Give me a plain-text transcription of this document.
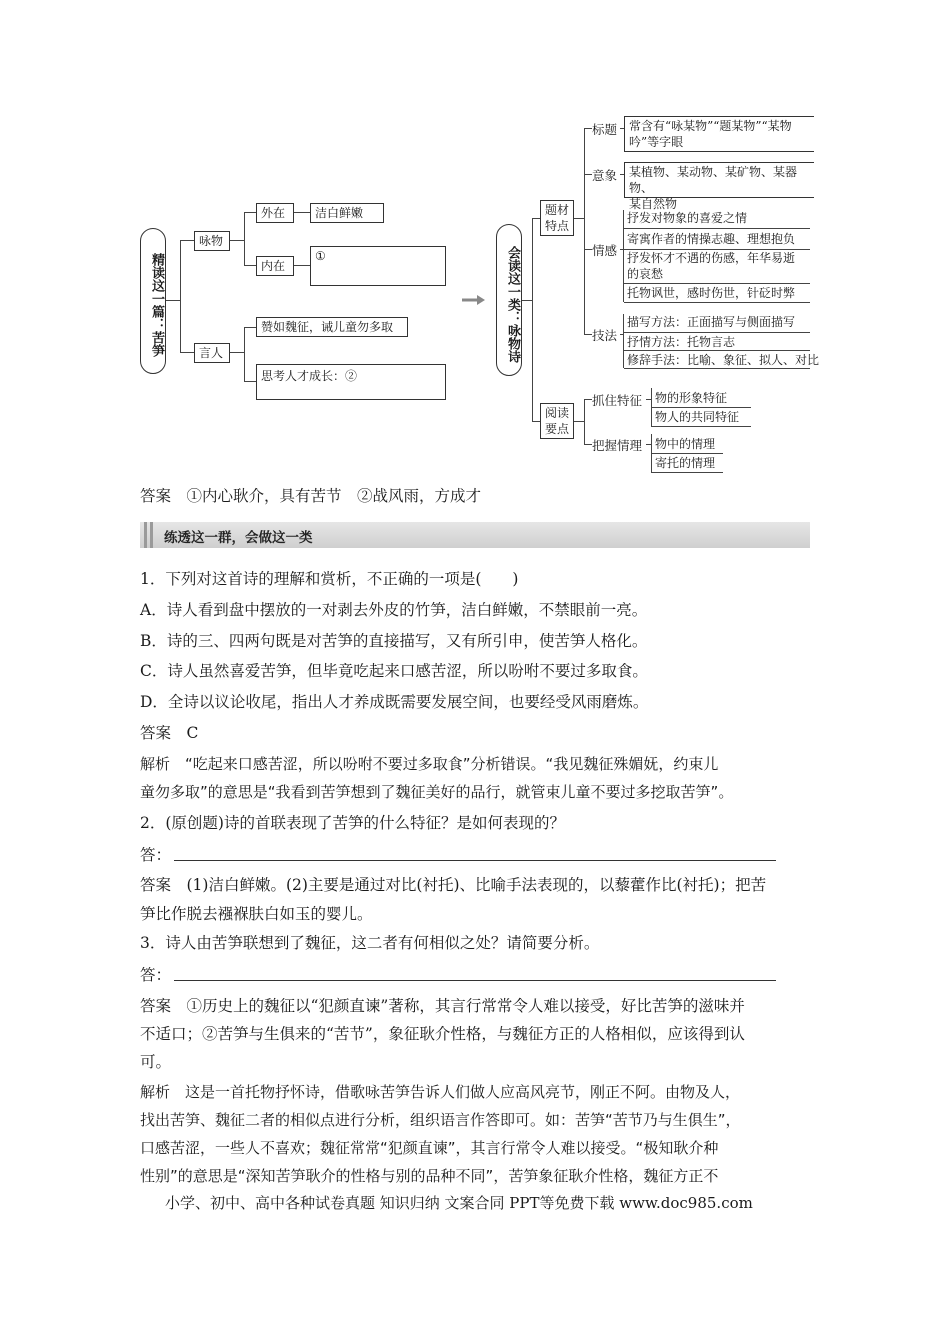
精读这一篇：苦笋
咏物
言人
外在	洁白鲜嫩
内在
①
赞如魏征，诫儿童勿多取
思考人才成长：②
会读这一类：咏物诗
题材特点
阅读要点
标题
意象
情感
技法
常含有“咏某物”“题某物”“某物
吟”等字眼
某植物、某动物、某矿物、某器物、
某自然物
抒发对物象的喜爱之情
寄寓作者的情操志趣、理想抱负
抒发怀才不遇的伤感，年华易逝
的哀愁
托物讽世，感时伤世，针砭时弊
描写方法：正面描写与侧面描写
抒情方法：托物言志
修辞手法：比喻、象征、拟人、对比
抓住特征
把握情理
物的形象特征
物人的共同特征
物中的情理
寄托的情理
答案　①内心耿介，具有苦节　②战风雨，方成才
练透这一群，会做这一类
1．下列对这首诗的理解和赏析，不正确的一项是(　　)
A．诗人看到盘中摆放的一对剥去外皮的竹笋，洁白鲜嫩，不禁眼前一亮。
B．诗的三、四两句既是对苦笋的直接描写，又有所引申，使苦笋人格化。
C．诗人虽然喜爱苦笋，但毕竟吃起来口感苦涩，所以吩咐不要过多取食。
D．全诗以议论收尾，指出人才养成既需要发展空间，也要经受风雨磨炼。
答案　C
解析　“吃起来口感苦涩，所以吩咐不要过多取食”分析错误。“我见魏征殊媚妩，约束儿
童勿多取”的意思是“我看到苦笋想到了魏征美好的品行，就管束儿童不要过多挖取苦笋”。
2．(原创题)诗的首联表现了苦笋的什么特征？是如何表现的？
答：
答案　(1)洁白鲜嫩。(2)主要是通过对比(衬托)、比喻手法表现的，以藜藿作比(衬托)；把苦
笋比作脱去襁褓肤白如玉的婴儿。
3．诗人由苦笋联想到了魏征，这二者有何相似之处？请简要分析。
答：
答案　①历史上的魏征以“犯颜直谏”著称，其言行常常令人难以接受，好比苦笋的滋味并
不适口；②苦笋与生俱来的“苦节”，象征耿介性格，与魏征方正的人格相似，应该得到认
可。
解析　这是一首托物抒怀诗，借歌咏苦笋告诉人们做人应高风亮节，刚正不阿。由物及人，
找出苦笋、魏征二者的相似点进行分析，组织语言作答即可。如：苦笋“苦节乃与生俱生”，
口感苦涩，一些人不喜欢；魏征常常“犯颜直谏”，其言行常令人难以接受。“极知耿介种
性别”的意思是“深知苦笋耿介的性格与别的品种不同”，苦笋象征耿介性格，魏征方正不
小学、初中、高中各种试卷真题 知识归纳 文案合同 PPT等免费下载 www.doc985.com
